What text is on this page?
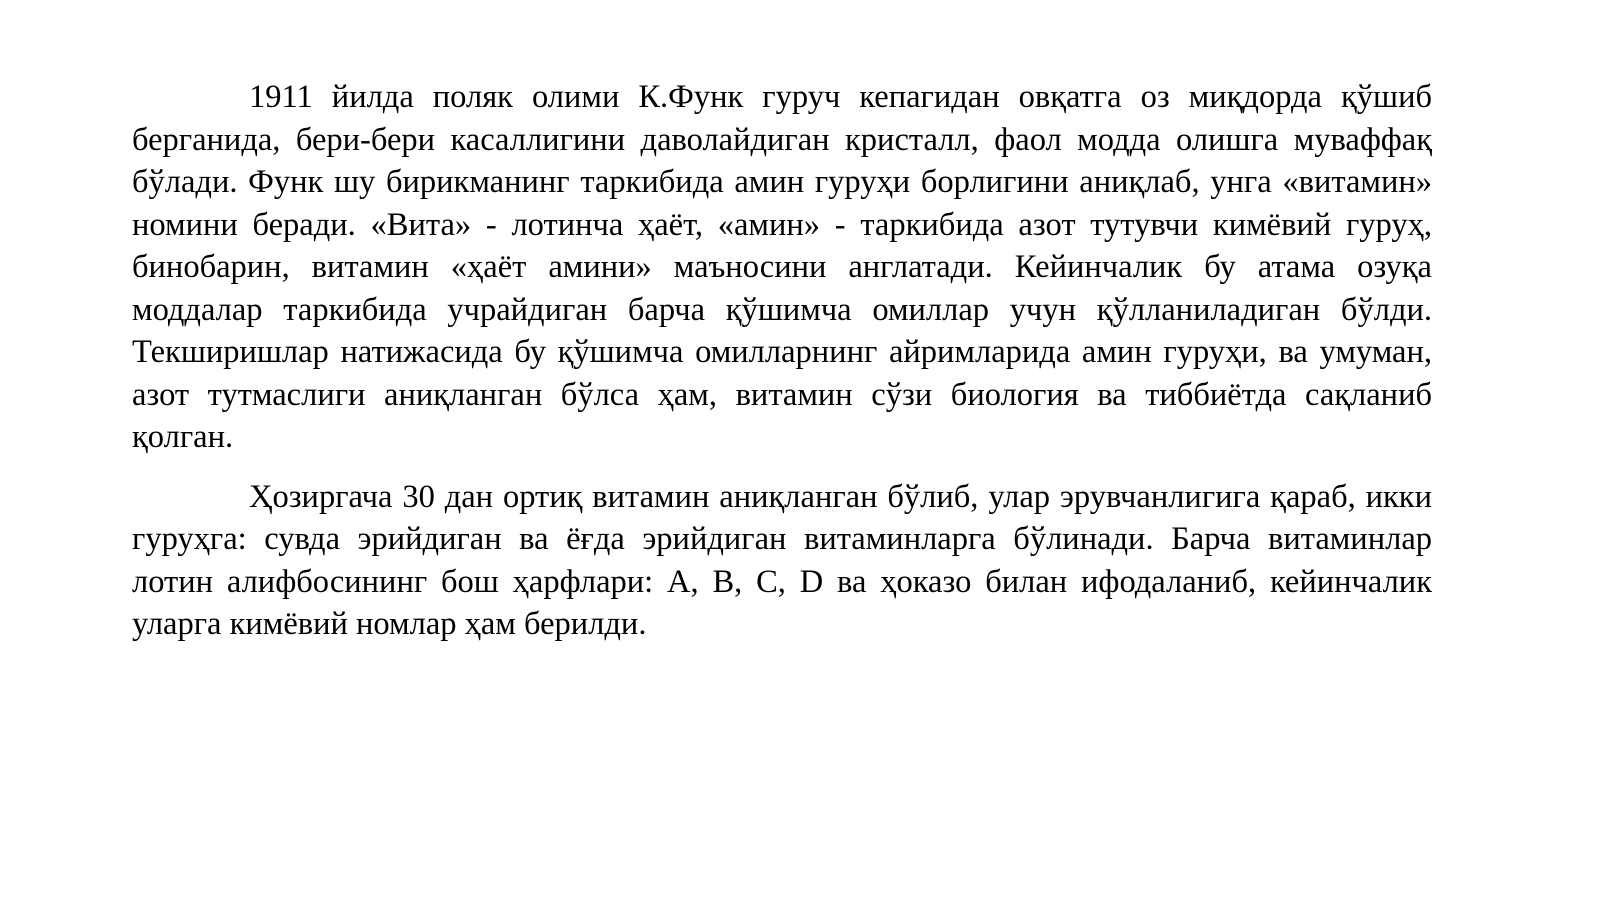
1911 йилда поляк олими К.Функ гуруч кепагидан овқатга оз миқдорда қўшиб берганида, бери-бери касаллигини даволайдиган кристалл, фаол модда олишга муваффақ бўлади. Функ шу бирикманинг таркибида амин гуруҳи борлигини аниқлаб, унга «витамин» номини беради. «Вита» - лотинча ҳаёт, «амин» - таркибида азот тутувчи кимёвий гуруҳ, бинобарин, витамин «ҳаёт амини» маъносини англатади. Кейинчалик бу атама озуқа моддалар таркибида учрайдиган барча қўшимча омиллар учун қўлланиладиган бўлди. Текширишлар натижасида бу қўшимча омилларнинг айримларида амин гуруҳи, ва умуман, азот тутмаслиги аниқланган бўлса ҳам, витамин сўзи биология ва тиббиётда сақланиб қолган.

Ҳозиргача 30 дан ортиқ витамин аниқланган бўлиб, улар эрувчанлигига қараб, икки гуруҳга: сувда эрийдиган ва ёғда эрийдиган витаминларга бўлинади. Барча витаминлар лотин алифбосининг бош ҳарфлари: А, В, С, D ва ҳоказо билан ифодаланиб, кейинчалик уларга кимёвий номлар ҳам берилди.
